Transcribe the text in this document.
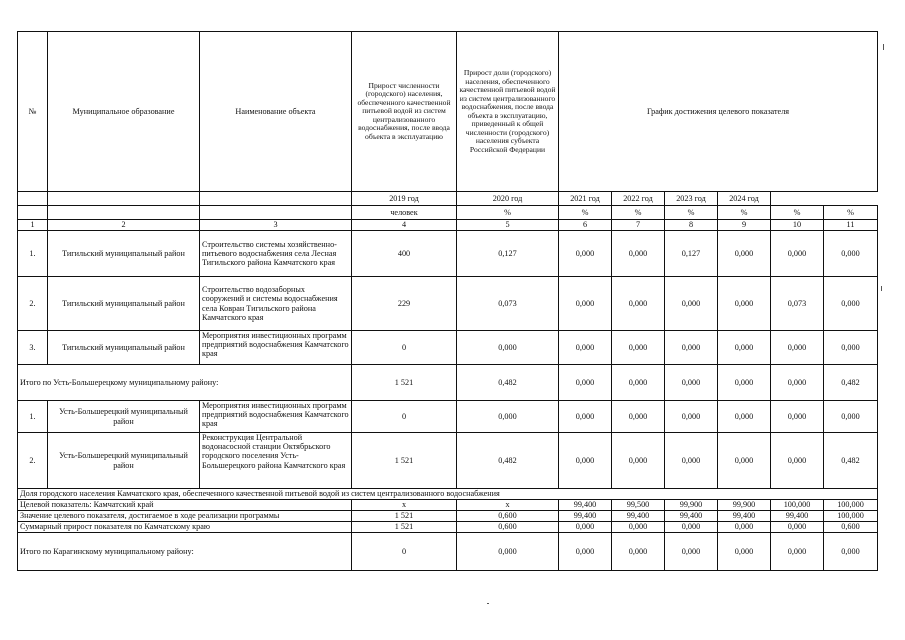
№	Муниципальное образование	Наименование объекта	Прирост численности (городского) населения, обеспеченного качественной питьевой водой из систем централизованного водоснабжения, после ввода объекта в эксплуатацию	Прирост доли (городского) населения, обеспеченного качественной питьевой водой из систем централизованного водоснабжения, после ввода объекта в эксплуатацию, приведенный к общей численности (городского) населения субъекта Российской Федерации	График достижения целевого показателя					

			2019 год	2020 год	2021 год	2022 год	2023 год	2024 год		
			человек	%	%	%	%	%	%	%
1	2	3	4	5	6	7	8	9	10	11
1.	Тигильский муниципальный район	Строительство системы хозяйственно-питьевого водоснабжения села Лесная Тигильского района Камчатского края	400	0,127	0,000	0,000	0,127	0,000	0,000	0,000
2.	Тигильский муниципальный район	Строительство водозаборных сооружений и системы водоснабжения села Ковран Тигильского района Камчатского края	229	0,073	0,000	0,000	0,000	0,000	0,073	0,000
3.	Тигильский муниципальный район	Мероприятия инвестиционных программ предприятий водоснабжения Камчатского края	0	0,000	0,000	0,000	0,000	0,000	0,000	0,000
Итого по Усть-Большерецкому муниципальному району:			1 521	0,482	0,000	0,000	0,000	0,000	0,000	0,482
1.	Усть-Большерецкий муниципальный район	Мероприятия инвестиционных программ предприятий водоснабжения Камчатского края	0	0,000	0,000	0,000	0,000	0,000	0,000	0,000
2.	Усть-Большерецкий муниципальный район	Реконструкция Центральной водонасосной станции Октябрьского городского поселения Усть-Большерецкого района Камчатского края	1 521	0,482	0,000	0,000	0,000	0,000	0,000	0,482
Доля городского населения Камчатского края, обеспеченного качественной питьевой водой из систем централизованного водоснабжения										
Целевой показатель: Камчатский край			х	х	99,400	99,500	99,900	99,900	100,000	100,000
Значение целевого показателя, достигаемое в ходе реализации программы			1 521	0,600	99,400	99,400	99,400	99,400	99,400	100,000
Суммарный прирост показателя по Камчатскому краю			1 521	0,600	0,000	0,000	0,000	0,000	0,000	0,600
Итого по Карагинскому муниципальному району:			0	0,000	0,000	0,000	0,000	0,000	0,000	0,000
